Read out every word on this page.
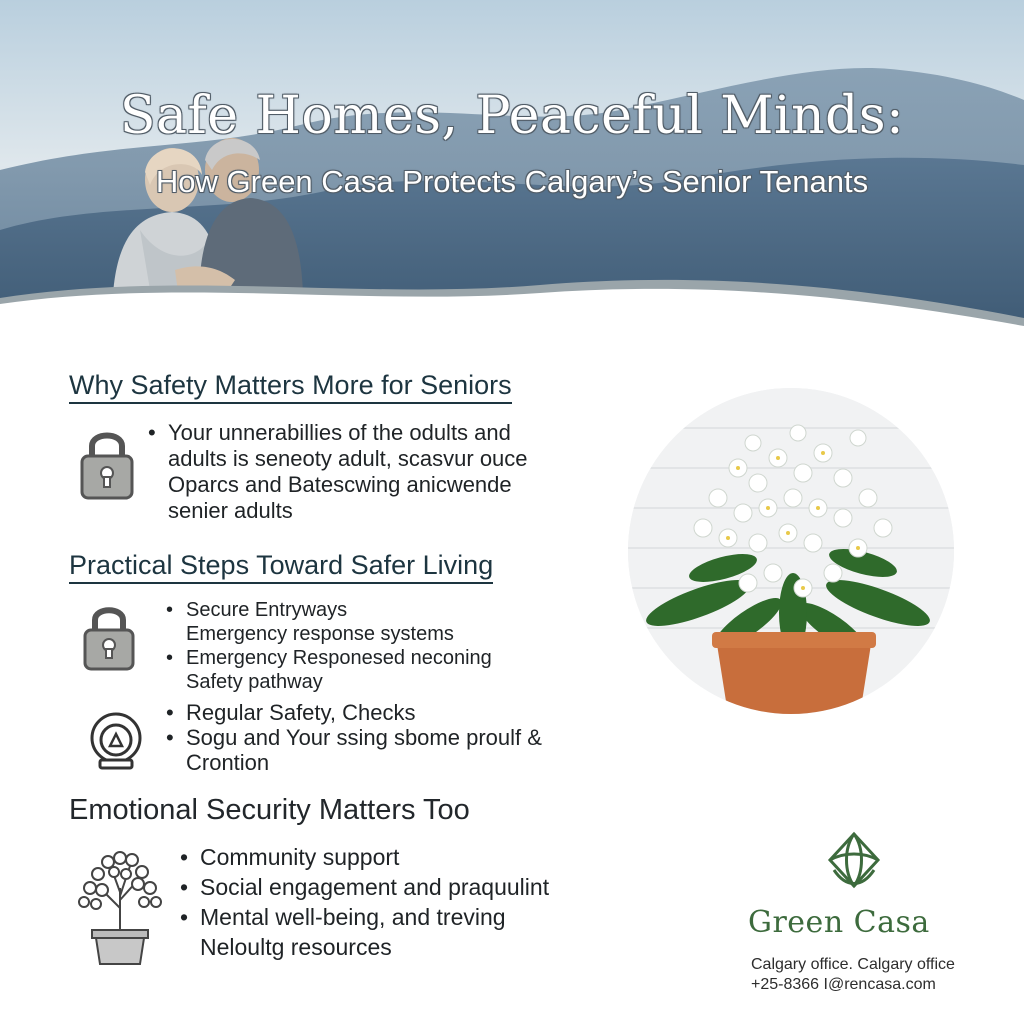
Safe Homes, Peaceful Minds:
How Green Casa Protects Calgary’s Senior Tenants
Why Safety Matters More for Seniors
• Your unnerabillies of the odults and
adults is seneoty adult, scasvur ouce
Oparcs and Batescwing anicwende
senier adults
Practical Steps Toward Safer Living
• Secure Entryways
Emergency response systems
• Emergency Responesed neconing
Safety pathway
• Regular Safety, Checks
• Sogu and Your ssing sbome proulf &
Crontion
Emotional Security Matters Too
• Community support
• Social engagement and praquulint
• Mental well-being, and treving
Neloultg resources
Green Casa
Calgary office. Calgary office
+25-8366 I@rencasa.com
